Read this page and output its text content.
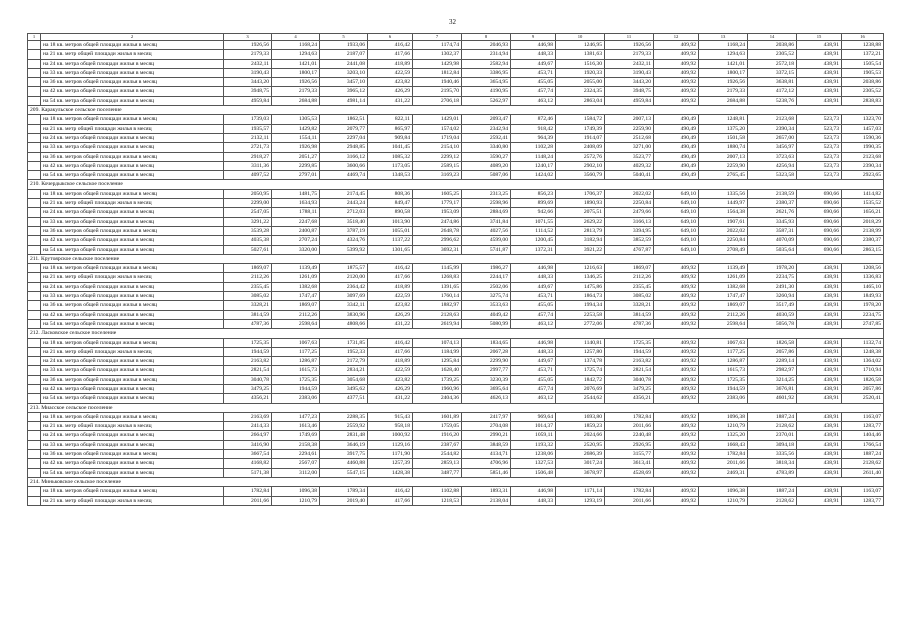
32
1	2	3	4	5	6	7	8	9	10	11	12	13	14	15	16
	на 18 кв. метров общей площади жилья в месяц	1926,56	1168,24	1933,06	416,42	1174,74	2046,93	446,98	1246,95	1926,56	409,92	1168,24	2038,86	438,91	1238,88
	на 21 кв. метр общей площади жилья в месяц	2179,33	1294,63	2187,07	417,66	1302,37	2314,94	448,33	1381,63	2179,33	409,92	1294,63	2305,52	438,91	1372,21
	на 24 кв. метра общей площади жилья в месяц	2432,11	1421,01	2441,08	418,89	1429,98	2582,94	449,67	1516,30	2432,11	409,92	1421,01	2572,18	438,91	1505,54
	на 33 кв. метра общей площади жилья в месяц	3190,43	1800,17	3203,10	422,59	1812,84	3386,95	453,71	1920,33	3190,43	409,92	1800,17	3372,15	438,91	1905,53
	на 36 кв. метров общей площади жилья в месяц	3443,20	1926,56	3457,10	423,82	1940,46	3654,95	455,05	2055,00	3443,20	409,92	1926,56	3638,81	438,91	2038,86
	на 42 кв. метра общей площади жилья в месяц	3948,75	2179,33	3965,12	426,29	2195,70	4190,95	457,74	2324,35	3948,75	409,92	2179,33	4172,12	438,91	2305,52
	на 54 кв. метра общей площади жилья в месяц	4959,84	2684,88	4981,14	431,22	2706,18	5262,97	463,12	2863,04	4959,84	409,92	2684,88	5238,76	438,91	2838,83
209. Каракульское сельское поселение															
	на 18 кв. метров общей площади жилья в месяц	1739,03	1305,53	1862,51	822,11	1429,01	2093,47	872,46	1584,72	2007,13	490,49	1248,81	2123,68	523,73	1323,70
	на 21 кв. метр общей площади жилья в месяц	1935,57	1429,82	2079,77	865,97	1574,02	2342,94	918,42	1749,39	2259,90	490,49	1375,20	2390,34	523,73	1457,03
	на 24 кв. метра общей площади жилья в месяц	2132,11	1554,11	2297,04	909,84	1719,04	2592,41	964,39	1914,07	2512,68	490,49	1501,58	2657,00	523,73	1590,36
	на 33 кв. метра общей площади жилья в месяц	2721,73	1926,98	2948,85	1041,45	2154,10	3340,80	1102,28	2408,09	3271,00	490,49	1880,74	3456,97	523,73	1990,35
	на 36 кв. метров общей площади жилья в месяц	2918,27	2051,27	3166,12	1085,32	2299,12	3590,27	1148,24	2572,76	3523,77	490,49	2007,13	3723,63	523,73	2123,68
	на 42 кв. метра общей площади жилья в месяц	3311,36	2299,85	3600,66	1173,05	2589,15	4089,20	1240,17	2902,10	4029,32	490,49	2259,90	4256,94	523,73	2390,34
	на 54 кв. метра общей площади жилья в месяц	4097,52	2797,01	4469,74	1348,53	3169,23	5087,06	1424,02	3560,79	5040,41	490,49	2765,45	5323,58	523,73	2923,65
210. Кочердыкское сельское поселение															
	на 18 кв. метров общей площади жилья в месяц	2050,95	1481,75	2174,45	808,36	1605,25	2313,25	856,23	1706,37	2022,02	649,10	1335,56	2138,59	690,66	1414,82
	на 21 кв. метр общей площади жилья в месяц	2299,00	1634,93	2443,24	849,47	1779,17	2598,96	899,69	1890,93	2250,84	649,10	1449,97	2380,37	690,66	1535,52
	на 24 кв. метра общей площади жилья в месяц	2547,05	1788,11	2712,03	890,58	1953,09	2884,69	942,66	2075,51	2479,66	649,10	1564,38	2621,76	690,66	1656,21
	на 33 кв. метра общей площади жилья в месяц	3291,22	2247,68	3518,40	1013,90	2474,86	3741,84	1071,55	2629,22	3166,13	649,10	1907,61	3345,93	690,66	2018,29
	на 36 кв. метров общей площади жилья в месяц	3539,28	2400,87	3787,19	1055,01	2648,78	4027,56	1114,52	2813,79	3394,95	649,10	2022,02	3587,31	690,66	2138,99
	на 42 кв. метра общей площади жилья в месяц	4035,38	2707,24	4324,76	1137,22	2996,62	4599,00	1200,45	3182,94	3852,59	649,10	2250,84	4070,09	690,66	2380,37
	на 54 кв. метра общей площади жилья в месяц	5027,61	3320,00	5399,92	1301,65	3692,31	5741,87	1372,31	3921,22	4767,87	649,10	2708,49	5035,64	690,66	2863,15
211. Крутоярское сельское поселение															
	на 18 кв. метров общей площади жилья в месяц	1869,07	1139,49	1875,57	416,42	1145,99	1986,27	446,98	1216,63	1869,07	409,92	1139,49	1978,20	438,91	1208,56
	на 21 кв. метр общей площади жилья в месяц	2112,26	1261,09	2120,00	417,66	1268,83	2244,17	448,33	1346,25	2112,26	409,92	1261,09	2234,75	438,91	1336,83
	на 24 кв. метра общей площади жилья в месяц	2355,45	1382,68	2364,42	418,89	1391,65	2502,06	449,67	1475,86	2355,45	409,92	1382,68	2491,30	438,91	1465,10
	на 33 кв. метра общей площади жилья в месяц	3085,02	1747,47	3097,69	422,59	1760,14	3275,74	453,71	1864,73	3085,02	409,92	1747,47	3260,94	438,91	1849,93
	на 36 кв. метров общей площади жилья в месяц	3328,21	1869,07	3342,11	423,82	1882,97	3533,63	455,05	1994,34	3328,21	409,92	1869,07	3517,49	438,91	1978,20
	на 42 кв. метра общей площади жилья в месяц	3814,59	2112,26	3830,96	426,29	2128,63	4049,42	457,74	2253,58	3814,59	409,92	2112,26	4030,59	438,91	2234,75
	на 54 кв. метра общей площади жилья в месяц	4787,36	2598,64	4808,66	431,22	2619,94	5080,99	463,12	2772,06	4787,36	409,92	2598,64	5056,78	438,91	2747,85
212. Ласковское сельское поселение															
	на 18 кв. метров общей площади жилья в месяц	1725,35	1067,63	1731,85	416,42	1074,13	1834,65	446,98	1140,81	1725,35	409,92	1067,63	1826,58	438,91	1132,74
	на 21 кв. метр общей площади жилья в месяц	1944,59	1177,25	1952,33	417,66	1184,99	2067,28	448,33	1257,80	1944,59	409,92	1177,25	2057,86	438,91	1248,38
	на 24 кв. метра общей площади жилья в месяц	2163,82	1286,87	2172,79	418,89	1295,84	2299,90	449,67	1374,78	2163,82	409,92	1286,87	2289,14	438,91	1364,02
	на 33 кв. метра общей площади жилья в месяц	2821,54	1615,73	2834,21	422,59	1628,40	2997,77	453,71	1725,74	2821,54	409,92	1615,73	2982,97	438,91	1710,94
	на 36 кв. метров общей площади жилья в месяц	3040,78	1725,35	3054,68	423,82	1739,25	3230,39	455,05	1842,72	3040,78	409,92	1725,35	3214,25	438,91	1826,58
	на 42 кв. метра общей площади жилья в месяц	3479,25	1944,59	3495,62	426,29	1960,96	3695,64	457,74	2076,69	3479,25	409,92	1944,59	3676,81	438,91	2057,86
	на 54 кв. метра общей площади жилья в месяц	4356,21	2383,06	4377,51	431,22	2404,36	4626,13	463,12	2544,62	4356,21	409,92	2383,06	4601,92	438,91	2520,41
213. Миасское сельское поселение															
	на 18 кв. метров общей площади жилья в месяц	2163,69	1477,23	2288,35	915,43	1601,89	2417,97	969,64	1693,80	1782,84	409,92	1096,38	1887,24	438,91	1163,07
	на 21 кв. метр общей площади жилья в месяц	2414,33	1613,46	2559,92	958,18	1759,05	2704,08	1014,37	1859,23	2011,66	409,92	1210,79	2128,62	438,91	1283,77
	на 24 кв. метра общей площади жилья в месяц	2664,97	1749,69	2831,48	1000,92	1916,20	2990,21	1059,11	2024,66	2240,48	409,92	1325,20	2370,01	438,91	1404,46
	на 33 кв. метра общей площади жилья в месяц	3416,90	2158,38	3646,19	1129,16	2387,67	3848,59	1193,32	2520,95	2926,95	409,92	1668,43	3094,18	438,91	1766,54
	на 36 кв. метров общей площади жилья в месяц	3667,54	2294,61	3917,75	1171,90	2544,82	4134,71	1238,06	2686,39	3155,77	409,92	1782,84	3335,56	438,91	1887,24
	на 42 кв. метра общей площади жилья в месяц	4168,82	2567,07	4460,88	1257,39	2859,13	4706,96	1327,53	3017,24	3613,41	409,92	2011,66	3818,34	438,91	2128,62
	на 54 кв. метра общей площади жилья в месяц	5171,38	3112,00	5547,15	1428,38	3487,77	5851,46	1506,48	3678,97	4528,69	409,92	2469,31	4783,89	438,91	2611,40
214. Миньковское сельское поселение															
	на 18 кв. метров общей площади жилья в месяц	1782,84	1096,38	1789,34	416,42	1102,88	1893,31	446,98	1171,14	1782,84	409,92	1096,38	1887,24	438,91	1163,07
	на 21 кв. метр общей площади жилья в месяц	2011,66	1210,79	2019,40	417,66	1218,53	2138,04	448,33	1293,19	2011,66	409,92	1210,79	2128,62	438,91	1283,77
